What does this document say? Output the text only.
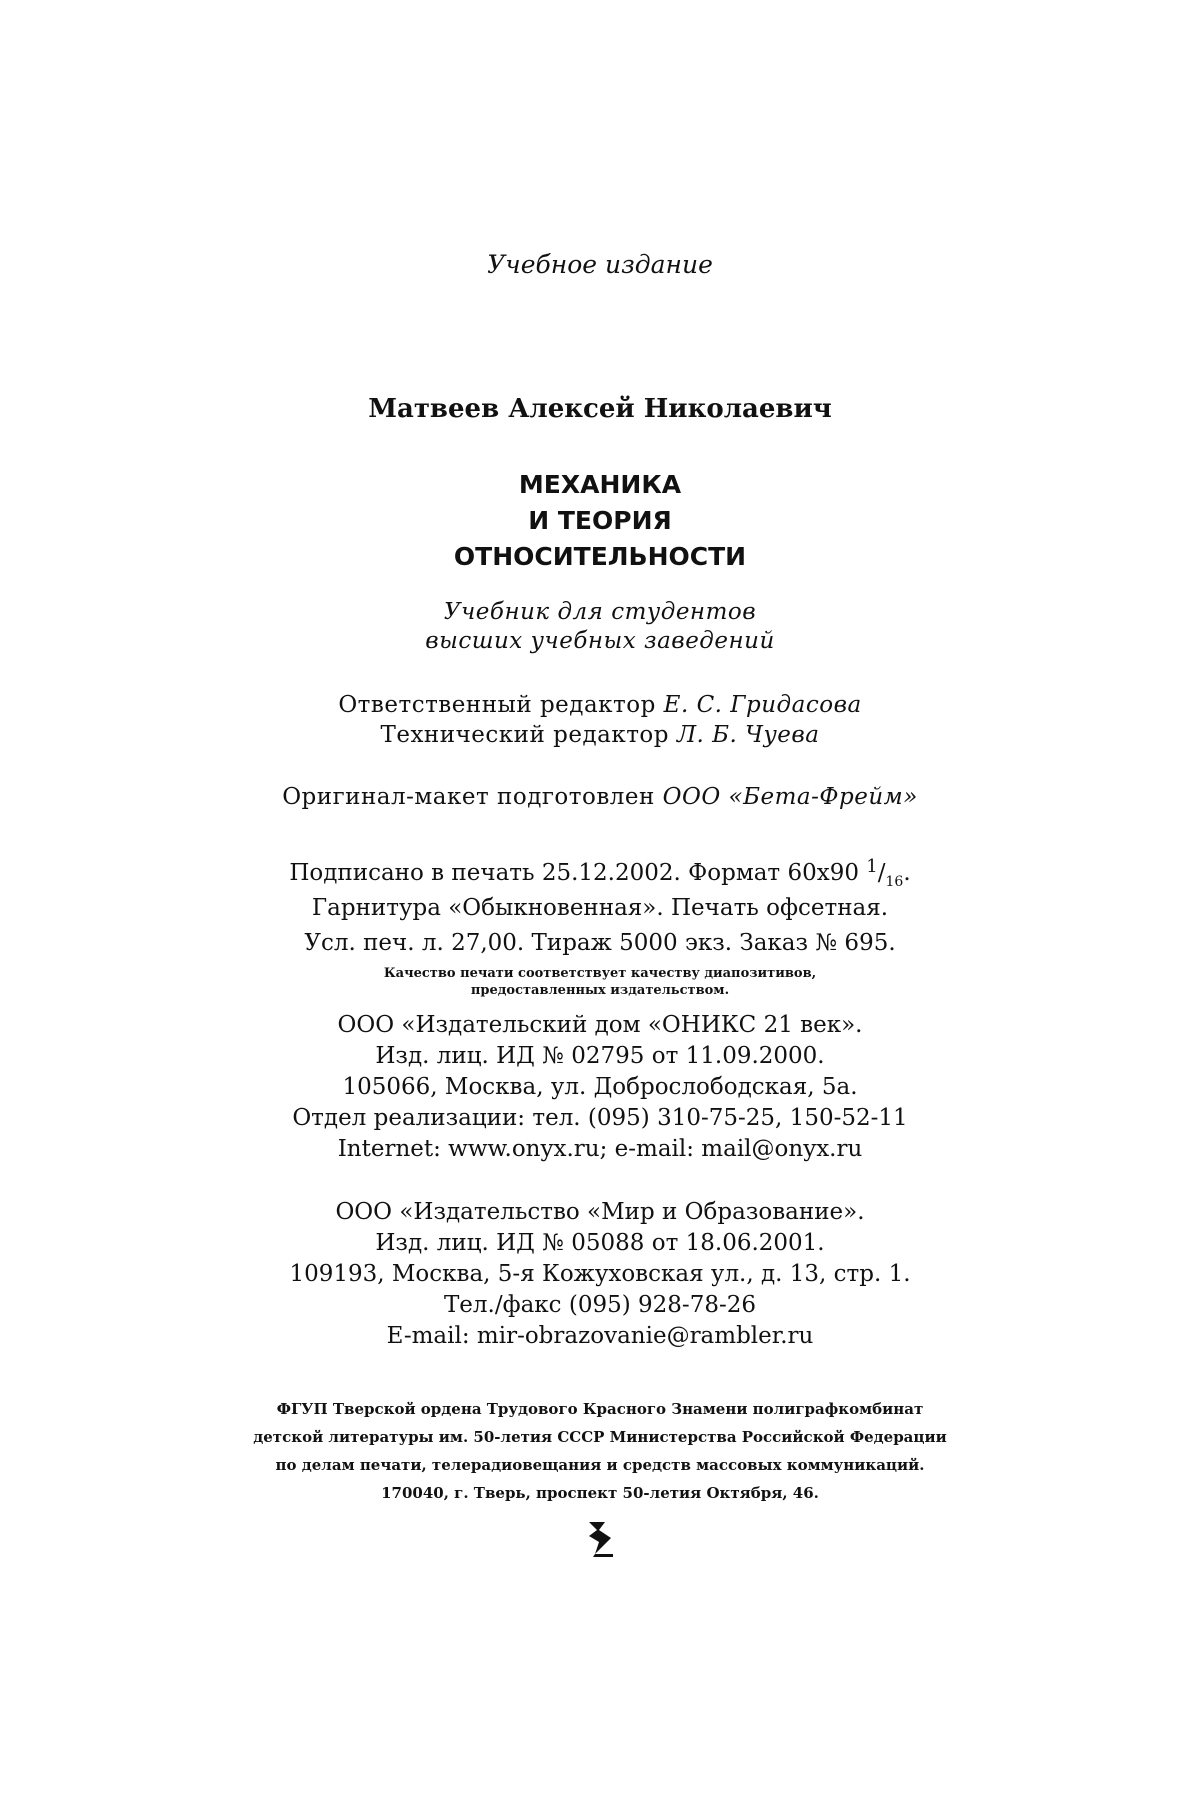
Учебное издание
Матвеев Алексей Николаевич
МЕХАНИКА
И ТЕОРИЯ
ОТНОСИТЕЛЬНОСТИ
Учебник для студентов
высших учебных заведений
Ответственный редактор Е. С. Гридасова
Технический редактор Л. Б. Чуева
Оригинал-макет подготовлен ООО «Бета-Фрейм»
Подписано в печать 25.12.2002. Формат 60x90 $^1/_{16}$.
Гарнитура «Обыкновенная». Печать офсетная.
Усл. печ. л. 27,00. Тираж 5000 экз. Заказ № 695.
Качество печати соответствует качеству диапозитивов,
предоставленных издательством.
ООО «Издательский дом «ОНИКС 21 век».
Изд. лиц. ИД № 02795 от 11.09.2000.
105066, Москва, ул. Доброслободская, 5а.
Отдел реализации: тел. (095) 310-75-25, 150-52-11
Internet: www.onyx.ru; e-mail: mail@onyx.ru
ООО «Издательство «Мир и Образование».
Изд. лиц. ИД № 05088 от 18.06.2001.
109193, Москва, 5-я Кожуховская ул., д. 13, стр. 1.
Тел./факс (095) 928-78-26
E-mail: mir-obrazovanie@rambler.ru
ФГУП Тверской ордена Трудового Красного Знамени полиграфкомбинат
детской литературы им. 50-летия СССР Министерства Российской Федерации
по делам печати, телерадиовещания и средств массовых коммуникаций.
170040, г. Тверь, проспект 50-летия Октября, 46.
